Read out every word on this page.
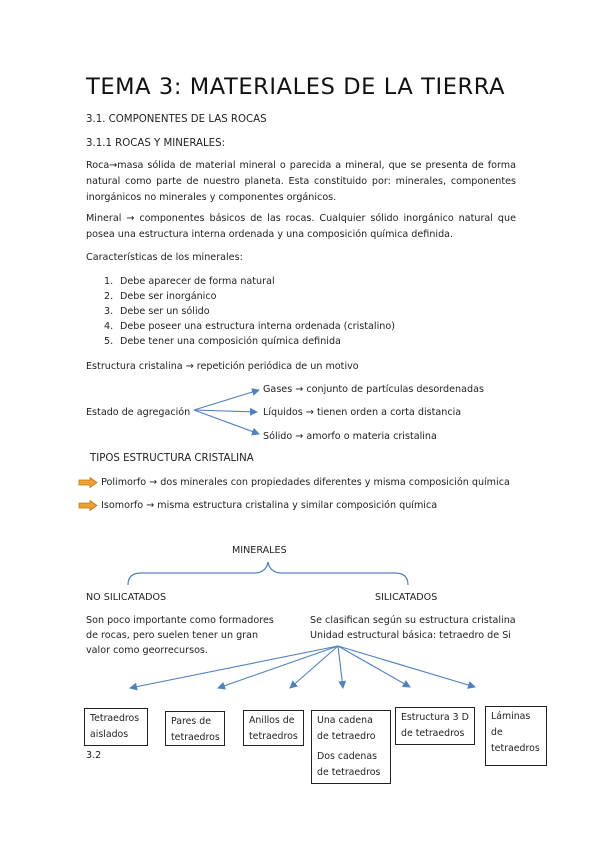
TEMA 3: MATERIALES DE LA TIERRA
3.1. COMPONENTES DE LAS ROCAS
3.1.1 ROCAS Y MINERALES:
Roca→masa sólida de material mineral o parecida a mineral, que se presenta de forma natural como parte de nuestro planeta. Esta constituido por: minerales, componentes inorgánicos no minerales y componentes orgánicos.
Mineral → componentes básicos de las rocas. Cualquier sólido inorgánico natural que posea una estructura interna ordenada y una composición química definida.
Características de los minerales:
1. Debe aparecer de forma natural
2. Debe ser inorgánico
3. Debe ser un sólido
4. Debe poseer una estructura interna ordenada (cristalino)
5. Debe tener una composición química definida
Estructura cristalina → repetición periódica de un motivo
Estado de agregación
Gases → conjunto de partículas desordenadas
Líquidos → tienen orden a corta distancia
Sólido → amorfo o materia cristalina
TIPOS ESTRUCTURA CRISTALINA
Polimorfo → dos minerales con propiedades diferentes y misma composición química
Isomorfo → misma estructura cristalina y similar composición química
MINERALES
NO SILICATADOS	SILICATADOS
Son poco importante como formadores
de rocas, pero suelen tener un gran
valor como georrecursos.
Se clasifican según su estructura cristalina
Unidad estructural básica: tetraedro de Si
Tetraedros
aislados
Pares de
tetraedros
Anillos de
tetraedros
Una cadena
de tetraedro
Dos cadenas
de tetraedros
Estructura 3 D
de tetraedros
Láminas
de
tetraedros
3.2
